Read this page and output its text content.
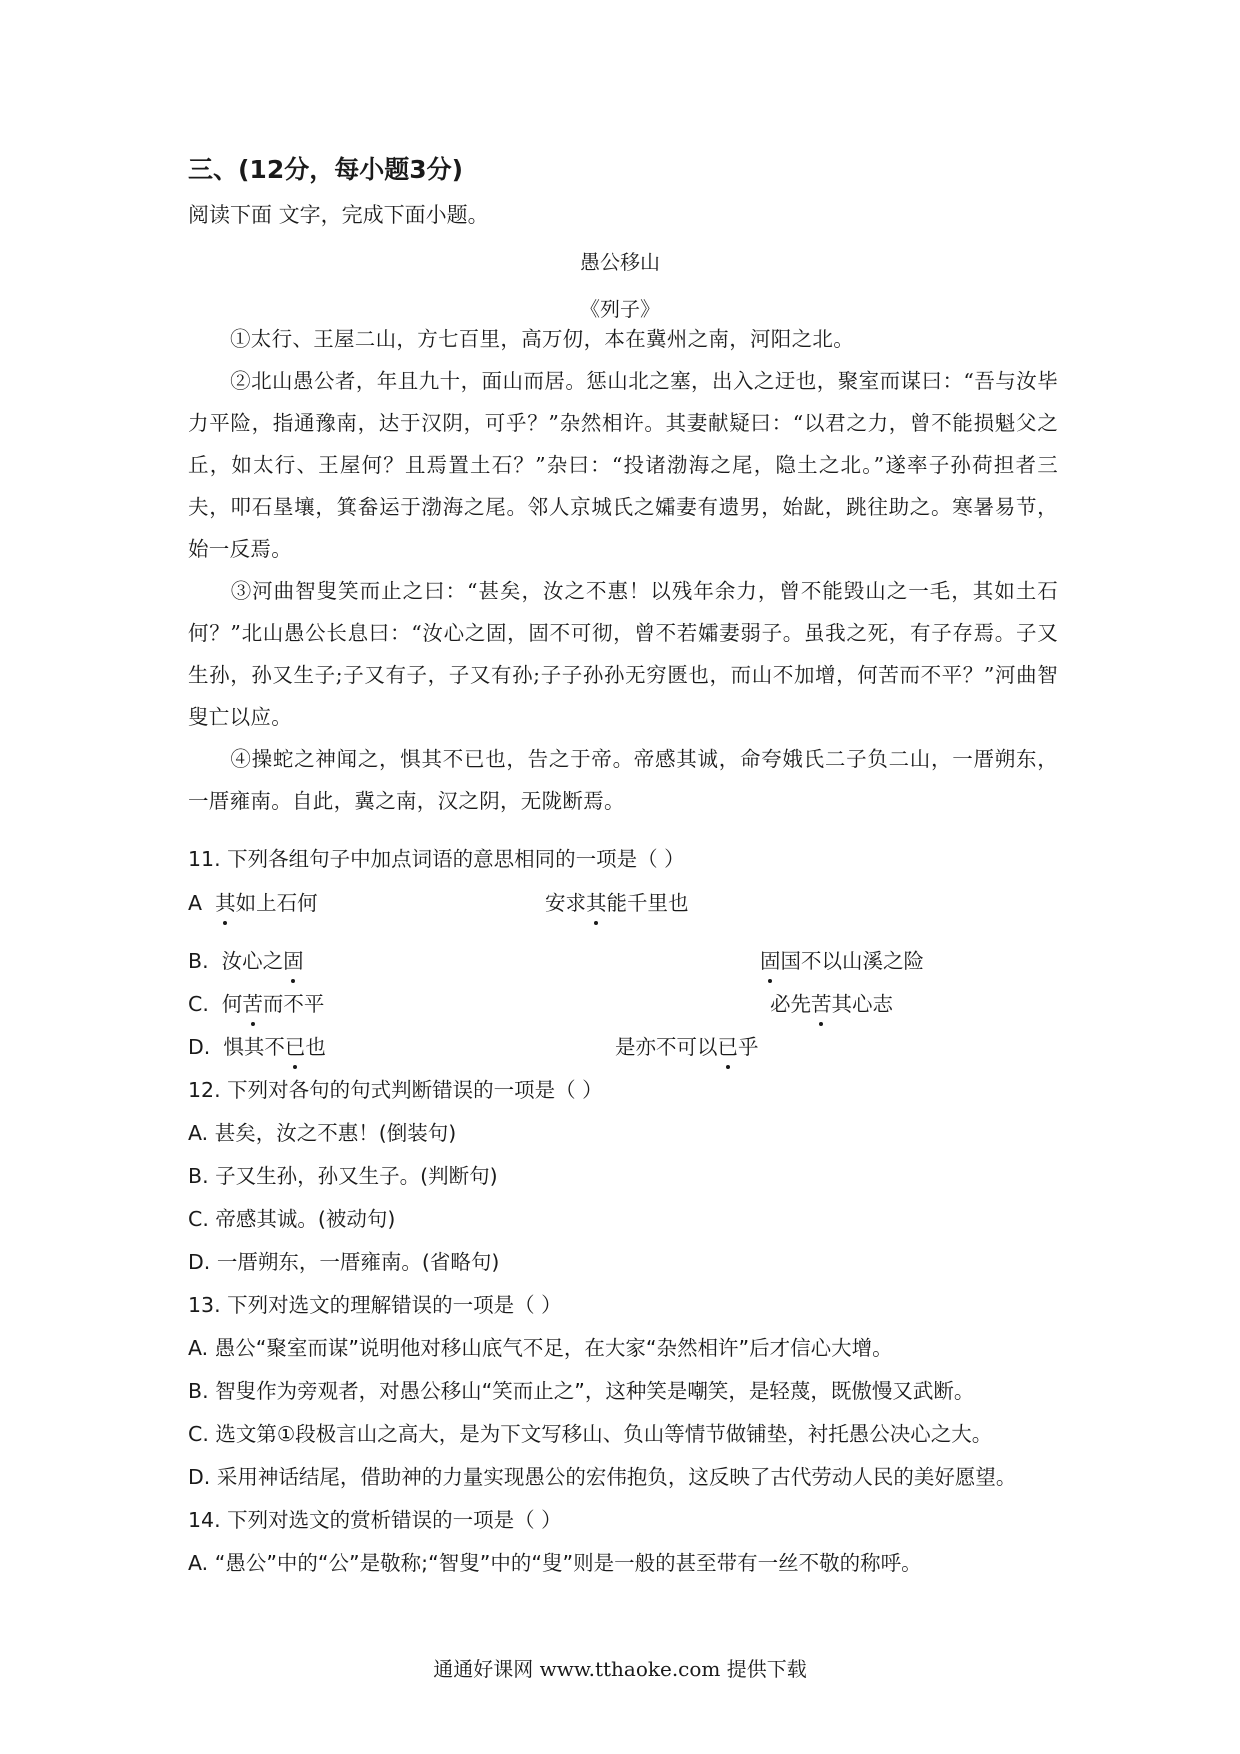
三、(12分，每小题3分)
阅读下面 文字，完成下面小题。
愚公移山
《列子》
①太行、王屋二山，方七百里，高万仞，本在冀州之南，河阳之北。
②北山愚公者，年且九十，面山而居。惩山北之塞，出入之迂也，聚室而谋曰：“吾与汝毕力平险，指通豫南，达于汉阴，可乎？”杂然相许。其妻献疑曰：“以君之力，曾不能损魁父之丘，如太行、王屋何？且焉置土石？”杂曰：“投诸渤海之尾，隐土之北。”遂率子孙荷担者三夫，叩石垦壤，箕畚运于渤海之尾。邻人京城氏之孀妻有遗男，始龀，跳往助之。寒暑易节，始一反焉。
③河曲智叟笑而止之曰：“甚矣，汝之不惠！以残年余力，曾不能毁山之一毛，其如土石何？”北山愚公长息曰：“汝心之固，固不可彻，曾不若孀妻弱子。虽我之死，有子存焉。子又生孙，孙又生子;子又有子，子又有孙;子子孙孙无穷匮也，而山不加增，何苦而不平？”河曲智叟亡以应。
④操蛇之神闻之，惧其不已也，告之于帝。帝感其诚，命夸娥氏二子负二山，一厝朔东，一厝雍南。自此，冀之南，汉之阴，无陇断焉。
11. 下列各组句子中加点词语的意思相同的一项是（ ）
A 其如上石何	安求其能千里也
B. 汝心之固	固国不以山溪之险
C. 何苦而不平	必先苦其心志
D. 惧其不已也	是亦不可以已乎
12. 下列对各句的句式判断错误的一项是（ ）
A. 甚矣，汝之不惠！(倒装句)
B. 子又生孙，孙又生子。(判断句)
C. 帝感其诚。(被动句)
D. 一厝朔东，一厝雍南。(省略句)
13. 下列对选文的理解错误的一项是（ ）
A. 愚公“聚室而谋”说明他对移山底气不足，在大家“杂然相许”后才信心大增。
B. 智叟作为旁观者，对愚公移山“笑而止之”，这种笑是嘲笑，是轻蔑，既傲慢又武断。
C. 选文第①段极言山之高大，是为下文写移山、负山等情节做铺垫，衬托愚公决心之大。
D. 采用神话结尾，借助神的力量实现愚公的宏伟抱负，这反映了古代劳动人民的美好愿望。
14. 下列对选文的赏析错误的一项是（ ）
A. “愚公”中的“公”是敬称;“智叟”中的“叟”则是一般的甚至带有一丝不敬的称呼。
通通好课网 www.tthaoke.com 提供下载
